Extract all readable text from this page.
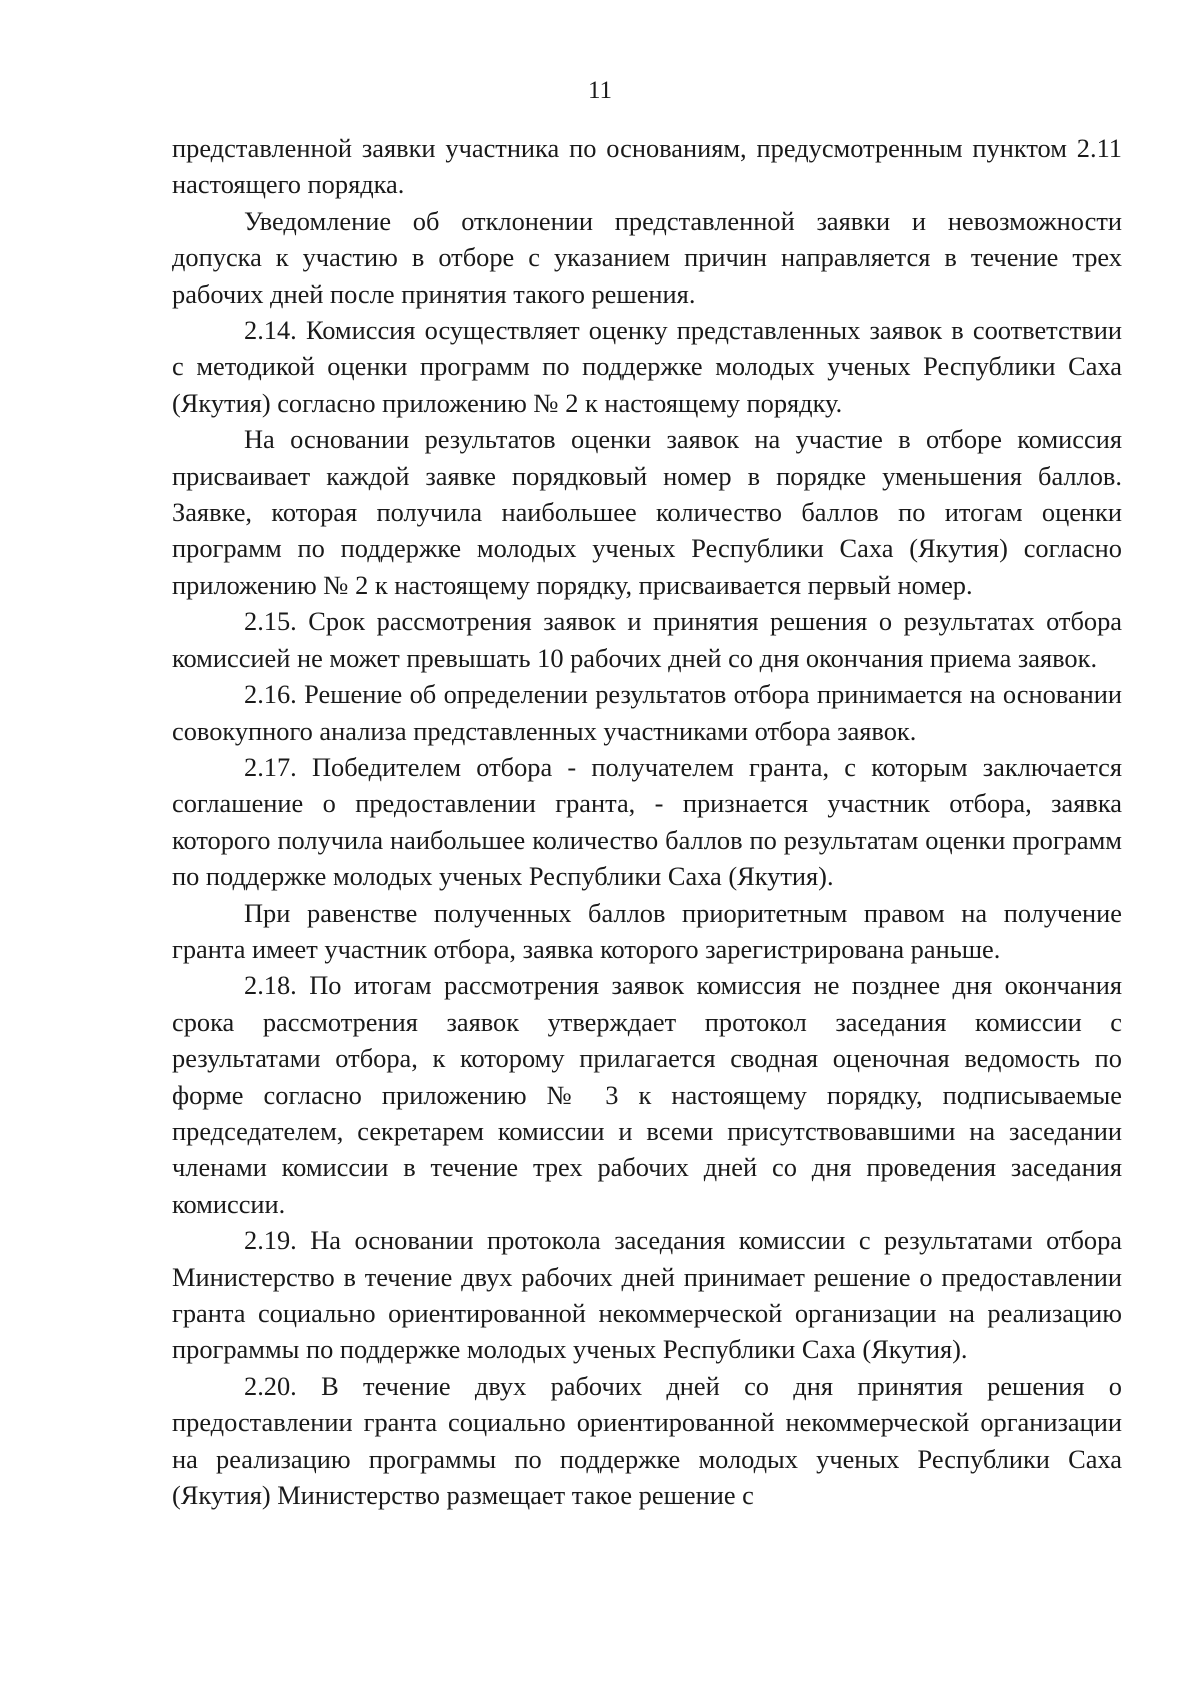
11

представленной заявки участника по основаниям, предусмотренным пунктом 2.11 настоящего порядка.

Уведомление об отклонении представленной заявки и невозможности допуска к участию в отборе с указанием причин направляется в течение трех рабочих дней после принятия такого решения.

2.14. Комиссия осуществляет оценку представленных заявок в соответствии с методикой оценки программ по поддержке молодых ученых Республики Саха (Якутия) согласно приложению № 2 к настоящему порядку.

На основании результатов оценки заявок на участие в отборе комиссия присваивает каждой заявке порядковый номер в порядке уменьшения баллов. Заявке, которая получила наибольшее количество баллов по итогам оценки программ по поддержке молодых ученых Республики Саха (Якутия) согласно приложению № 2 к настоящему порядку, присваивается первый номер.

2.15. Срок рассмотрения заявок и принятия решения о результатах отбора комиссией не может превышать 10 рабочих дней со дня окончания приема заявок.

2.16. Решение об определении результатов отбора принимается на основании совокупного анализа представленных участниками отбора заявок.

2.17. Победителем отбора - получателем гранта, с которым заключается соглашение о предоставлении гранта, - признается участник отбора, заявка которого получила наибольшее количество баллов по результатам оценки программ по поддержке молодых ученых Республики Саха (Якутия).

При равенстве полученных баллов приоритетным правом на получение гранта имеет участник отбора, заявка которого зарегистрирована раньше.

2.18. По итогам рассмотрения заявок комиссия не позднее дня окончания срока рассмотрения заявок утверждает протокол заседания комиссии с результатами отбора, к которому прилагается сводная оценочная ведомость по форме согласно приложению № 3 к настоящему порядку, подписываемые председателем, секретарем комиссии и всеми присутствовавшими на заседании членами комиссии в течение трех рабочих дней со дня проведения заседания комиссии.

2.19. На основании протокола заседания комиссии с результатами отбора Министерство в течение двух рабочих дней принимает решение о предоставлении гранта социально ориентированной некоммерческой организации на реализацию программы по поддержке молодых ученых Республики Саха (Якутия).

2.20. В течение двух рабочих дней со дня принятия решения о предоставлении гранта социально ориентированной некоммерческой организации на реализацию программы по поддержке молодых ученых Республики Саха (Якутия) Министерство размещает такое решение с
